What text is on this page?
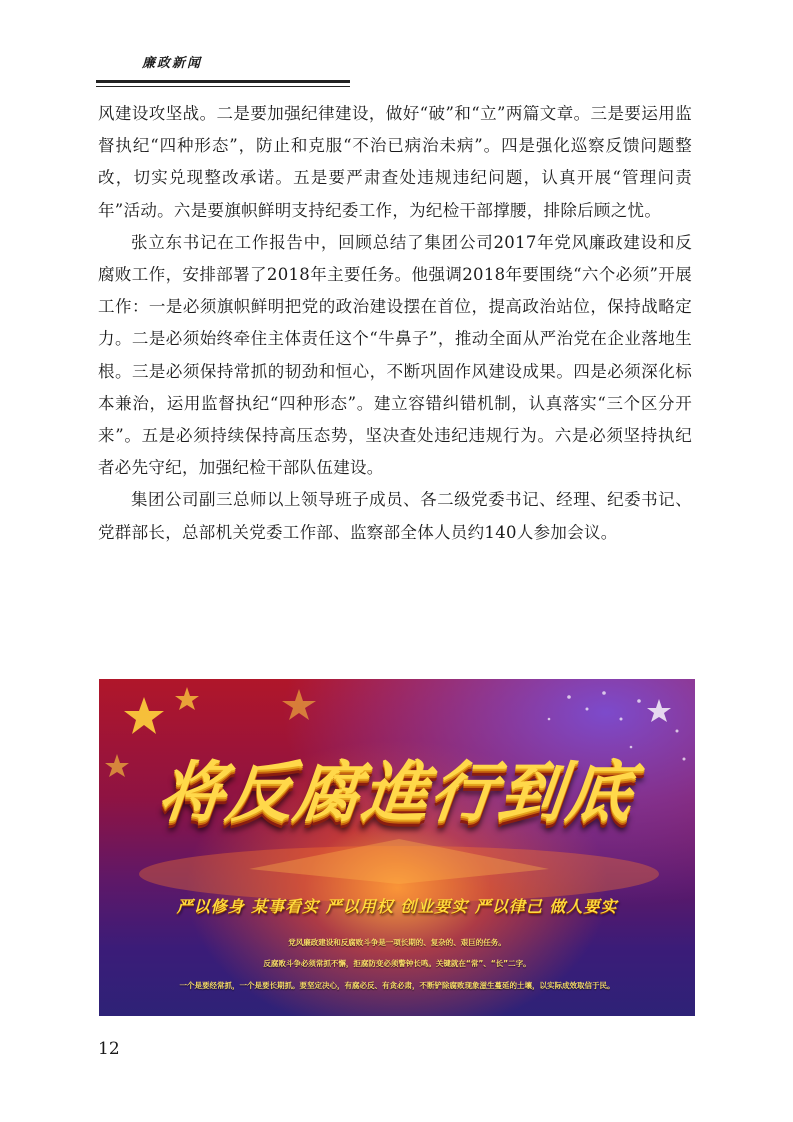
廉政新闻

风建设攻坚战。二是要加强纪律建设，做好“破”和“立”两篇文章。三是要运用监督执纪“四种形态”，防止和克服“不治已病治未病”。四是强化巡察反馈问题整改，切实兑现整改承诺。五是要严肃查处违规违纪问题，认真开展“管理问责年”活动。六是要旗帜鲜明支持纪委工作，为纪检干部撑腰，排除后顾之忧。

张立东书记在工作报告中，回顾总结了集团公司2017年党风廉政建设和反腐败工作，安排部署了2018年主要任务。他强调2018年要围绕“六个必须”开展工作：一是必须旗帜鲜明把党的政治建设摆在首位，提高政治站位，保持战略定力。二是必须始终牵住主体责任这个“牛鼻子”，推动全面从严治党在企业落地生根。三是必须保持常抓的韧劲和恒心，不断巩固作风建设成果。四是必须深化标本兼治，运用监督执纪“四种形态”。建立容错纠错机制，认真落实“三个区分开来”。五是必须持续保持高压态势，坚决查处违纪违规行为。六是必须坚持执纪者必先守纪，加强纪检干部队伍建设。

集团公司副三总师以上领导班子成员、各二级党委书记、经理、纪委书记、党群部长，总部机关党委工作部、监察部全体人员约140人参加会议。

将反腐進行到底
严以修身 某事看实 严以用权 创业要实 严以律己 做人要实
党风廉政建设和反腐败斗争是一项长期的、复杂的、艰巨的任务。
反腐败斗争必须常抓不懈，拒腐防变必须警钟长鸣。关键就在“常”、“长”二字。
一个是要经常抓，一个是要长期抓。要坚定决心，有腐必反、有贪必肃，不断铲除腐败现象滋生蔓延的土壤，以实际成效取信于民。
12
